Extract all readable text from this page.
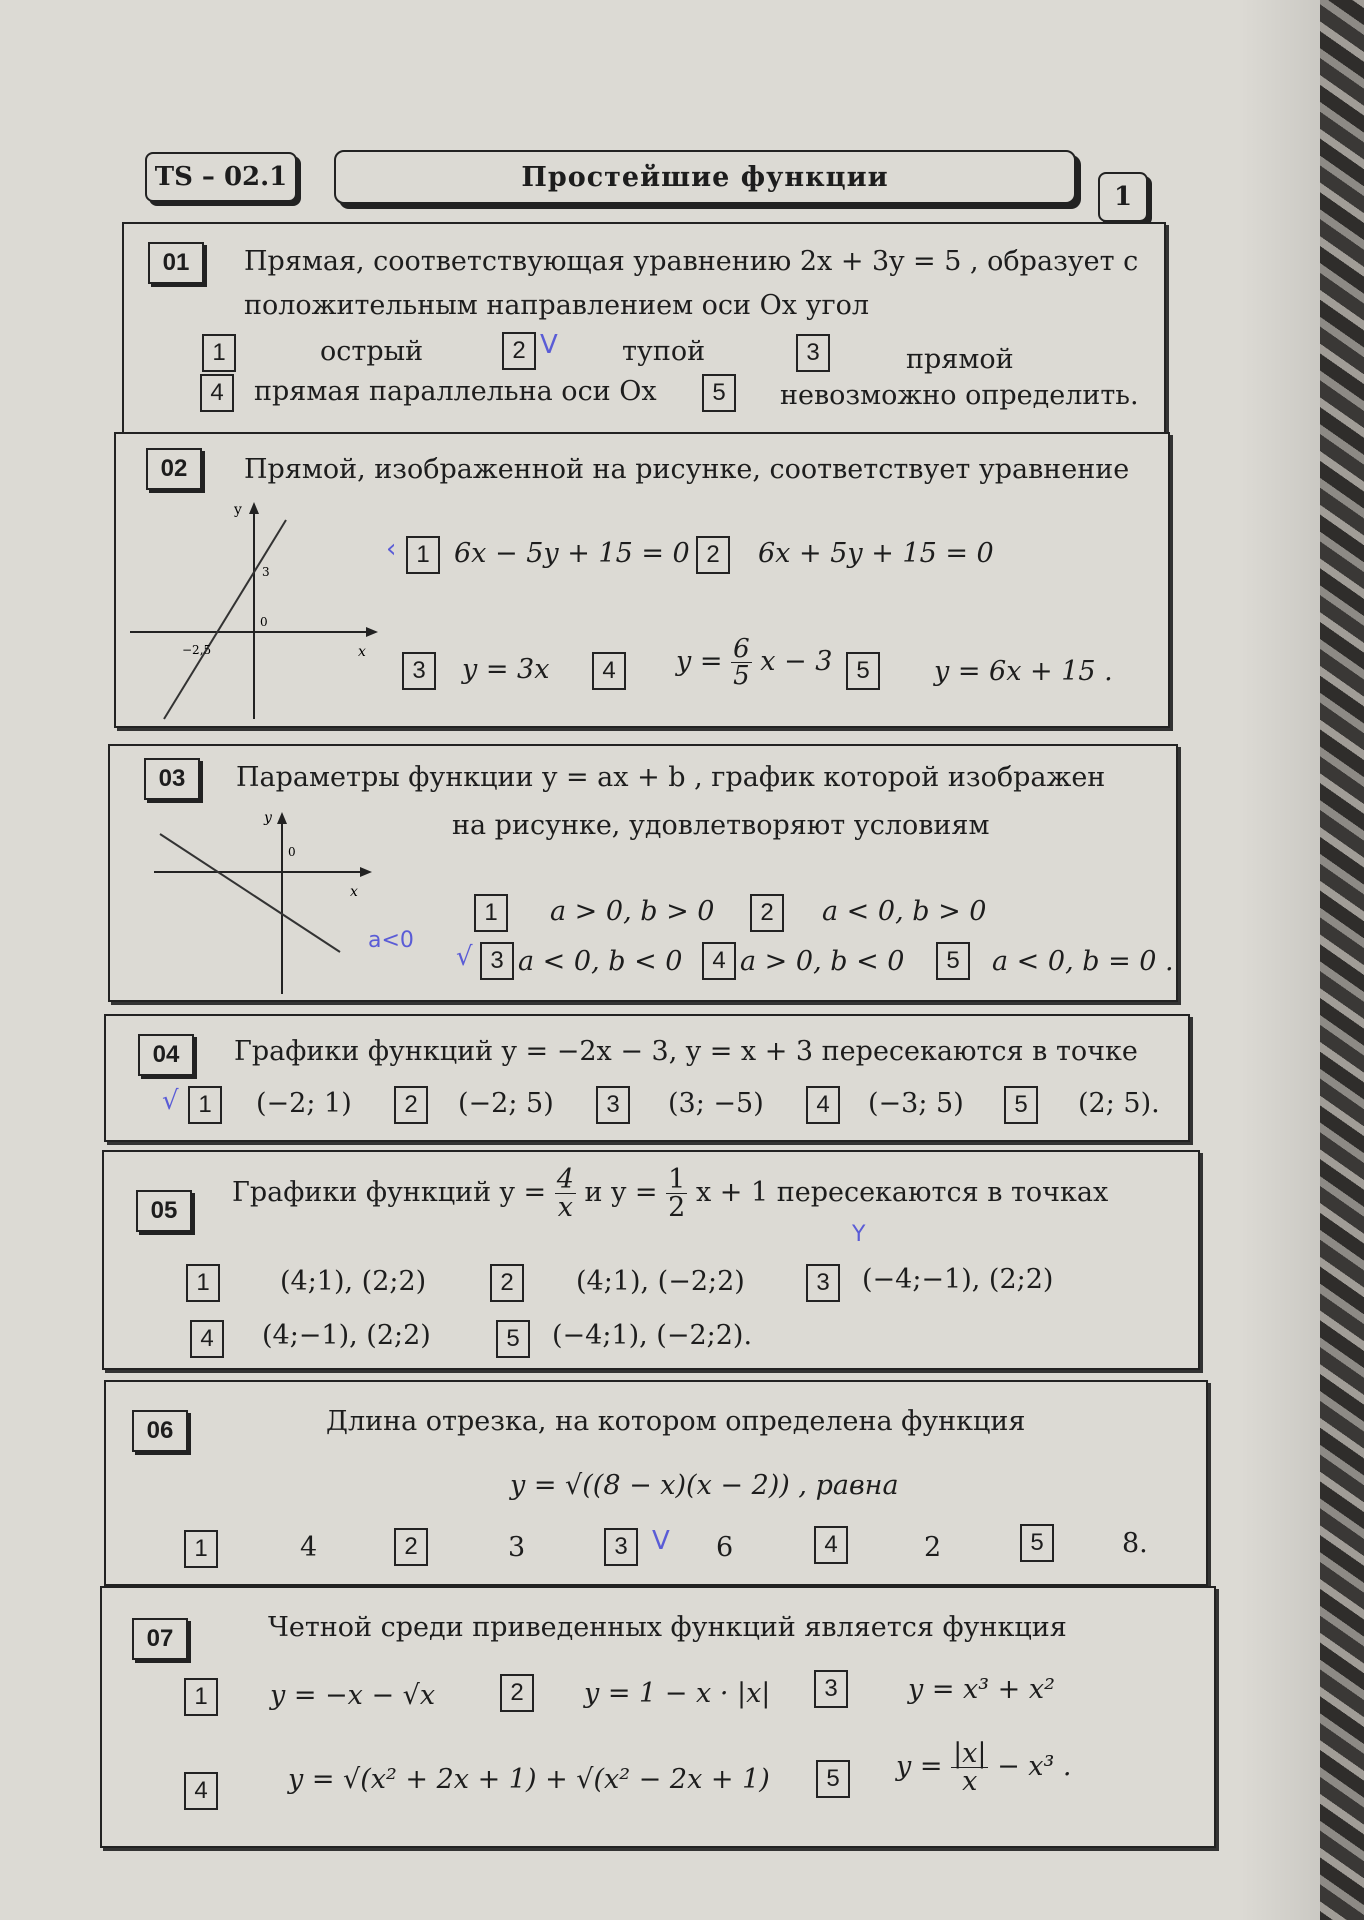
TS – 02.1	Простейшие функции
1
01	Прямая, соответствующая уравнению 2x + 3y = 5 , образует с
положительным направлением оси Ox угол
1	острый	2 V тупой	3	прямой
4	прямая параллельна оси Ox	5	невозможно определить.
02	Прямой, изображенной на рисунке, соответствует уравнение
y
x
0
3
−2,5
‹ 1 6x − 5y + 15 = 0 2	6x + 5y + 15 = 0
3	y = 3x	4	$y = \frac{6}{5}$ x − 3 5	y = 6x + 15 .
03	Параметры функции y = ax + b , график которой изображен
на рисунке, удовлетворяют условиям
y
x
0
a<0
1	a > 0, b > 0	2	a < 0, b > 0
√ 3 a < 0, b < 0	4 a > 0, b < 0	5	a < 0, b = 0 .
04	Графики функций y = −2x − 3, y = x + 3 пересекаются в точке
√ 1	(−2; 1)	2	(−2; 5)	3	(3; −5)	4	(−3; 5)	5	(2; 5).
05
Графики функций $y = \frac{4}{x}$ и $y = \frac{1}{2}$ x + 1 пересекаются в точках
Y
1	(4;1), (2;2)	2	(4;1), (−2;2)	3	(−4;−1), (2;2)
4	(4;−1), (2;2)	5	(−4;1), (−2;2).
06	Длина отрезка, на котором определена функция
y = √((8 − x)(x − 2)) , равна
1	4	2	3	3 V 6	4	2	5	8.
07	Четной среди приведенных функций является функция
1	y = −x − √x	2	y = 1 − x · |x|	3	y = x³ + x²
4	y = √(x² + 2x + 1) + √(x² − 2x + 1)	5	$y = \frac{|x|}{x} - x^3$ .
